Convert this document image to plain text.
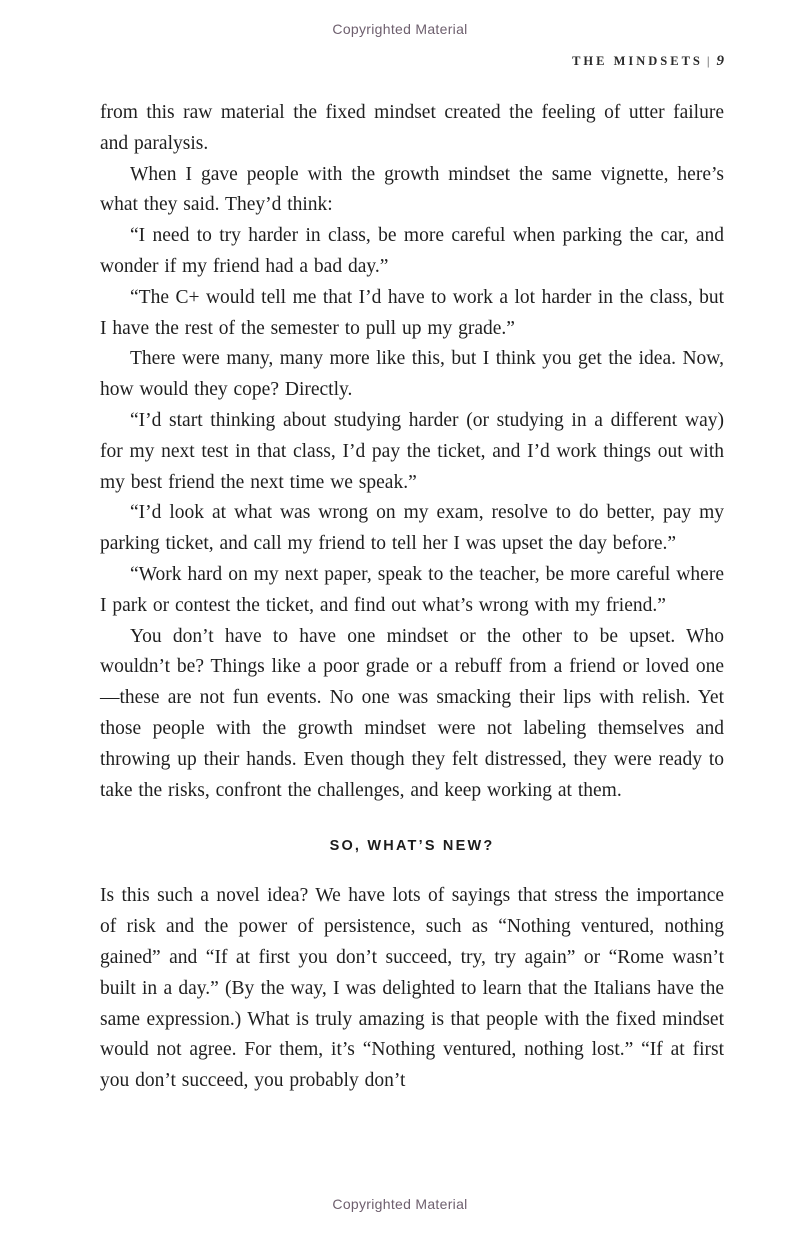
Copyrighted Material
THE MINDSETS | 9

from this raw material the fixed mindset created the feeling of utter failure and paralysis.

When I gave people with the growth mindset the same vignette, here’s what they said. They’d think:

“I need to try harder in class, be more careful when parking the car, and wonder if my friend had a bad day.”

“The C+ would tell me that I’d have to work a lot harder in the class, but I have the rest of the semester to pull up my grade.”

There were many, many more like this, but I think you get the idea. Now, how would they cope? Directly.

“I’d start thinking about studying harder (or studying in a different way) for my next test in that class, I’d pay the ticket, and I’d work things out with my best friend the next time we speak.”

“I’d look at what was wrong on my exam, resolve to do better, pay my parking ticket, and call my friend to tell her I was upset the day before.”

“Work hard on my next paper, speak to the teacher, be more careful where I park or contest the ticket, and find out what’s wrong with my friend.”

You don’t have to have one mindset or the other to be upset. Who wouldn’t be? Things like a poor grade or a rebuff from a friend or loved one—these are not fun events. No one was smacking their lips with relish. Yet those people with the growth mindset were not labeling themselves and throwing up their hands. Even though they felt distressed, they were ready to take the risks, confront the challenges, and keep working at them.

SO, WHAT’S NEW?

Is this such a novel idea? We have lots of sayings that stress the importance of risk and the power of persistence, such as “Nothing ventured, nothing gained” and “If at first you don’t succeed, try, try again” or “Rome wasn’t built in a day.” (By the way, I was delighted to learn that the Italians have the same expression.) What is truly amazing is that people with the fixed mindset would not agree. For them, it’s “Nothing ventured, nothing lost.” “If at first you don’t succeed, you probably don’t

Copyrighted Material
